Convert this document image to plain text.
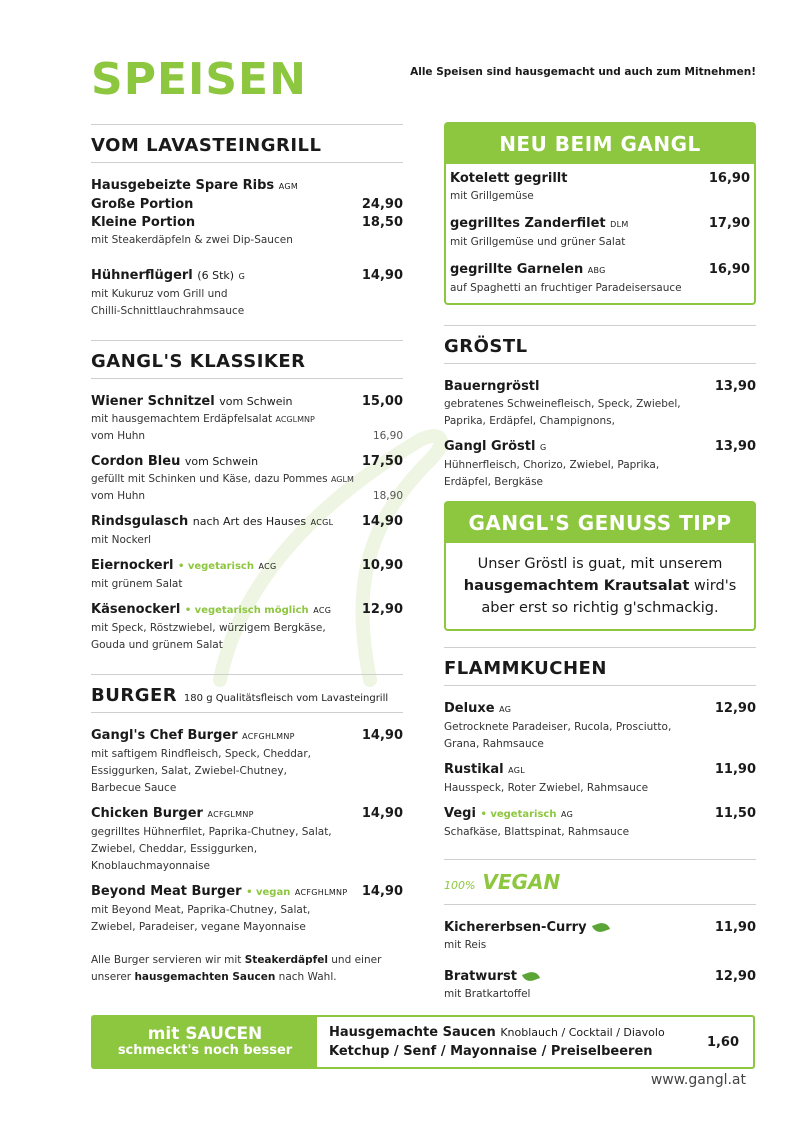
SPEISEN	Alle Speisen sind hausgemacht und auch zum Mitnehmen!
VOM LAVASTEINGRILL
Hausgebeizte Spare Ribs AGM
Große Portion	24,90
Kleine Portion	18,50
mit Steakerdäpfeln & zwei Dip-Saucen
Hühnerflügerl (6 Stk) G	14,90
mit Kukuruz vom Grill und
Chilli-Schnittlauchrahmsauce
GANGL'S KLASSIKER
Wiener Schnitzel vom Schwein	15,00
mit hausgemachtem Erdäpfelsalat ACGLMNP
vom Huhn	16,90
Cordon Bleu vom Schwein	17,50
gefüllt mit Schinken und Käse, dazu Pommes AGLM
vom Huhn	18,90
Rindsgulasch nach Art des Hauses ACGL 14,90
mit Nockerl
Eiernockerl • vegetarisch ACG	10,90
mit grünem Salat
Käsenockerl • vegetarisch möglich ACG 12,90
mit Speck, Röstzwiebel, würzigem Bergkäse,
Gouda und grünem Salat
BURGER 180 g Qualitätsfleisch vom Lavasteingrill
Gangl's Chef Burger ACFGHLMNP	14,90
mit saftigem Rindfleisch, Speck, Cheddar,
Essiggurken, Salat, Zwiebel-Chutney,
Barbecue Sauce
Chicken Burger ACFGLMNP	14,90
gegrilltes Hühnerfilet, Paprika-Chutney, Salat,
Zwiebel, Cheddar, Essiggurken,
Knoblauchmayonnaise
Beyond Meat Burger • vegan ACFGHLMNP 14,90
mit Beyond Meat, Paprika-Chutney, Salat,
Zwiebel, Paradeiser, vegane Mayonnaise
Alle Burger servieren wir mit Steakerdäpfel und einer
unserer hausgemachten Saucen nach Wahl.
NEU BEIM GANGL
Kotelett gegrillt	16,90
mit Grillgemüse
gegrilltes Zanderfilet DLM	17,90
mit Grillgemüse und grüner Salat
gegrillte Garnelen ABG	16,90
auf Spaghetti an fruchtiger Paradeisersauce
GRÖSTL
Bauerngröstl	13,90
gebratenes Schweinefleisch, Speck, Zwiebel,
Paprika, Erdäpfel, Champignons,
Gangl Gröstl G	13,90
Hühnerfleisch, Chorizo, Zwiebel, Paprika,
Erdäpfel, Bergkäse
GANGL'S GENUSS TIPP
Unser Gröstl is guat, mit unserem
hausgemachtem Krautsalat wird's
aber erst so richtig g'schmackig.
FLAMMKUCHEN
Deluxe AG	12,90
Getrocknete Paradeiser, Rucola, Prosciutto,
Grana, Rahmsauce
Rustikal AGL	11,90
Hausspeck, Roter Zwiebel, Rahmsauce
Vegi • vegetarisch AG	11,50
Schafkäse, Blattspinat, Rahmsauce
100% VEGAN
Kichererbsen-Curry	11,90
mit Reis
Bratwurst	12,90
mit Bratkartoffel
mit SAUCEN
schmeckt's noch besser
Hausgemachte Saucen Knoblauch / Cocktail / Diavolo
Ketchup / Senf / Mayonnaise / Preiselbeeren
1,60
www.gangl.at
